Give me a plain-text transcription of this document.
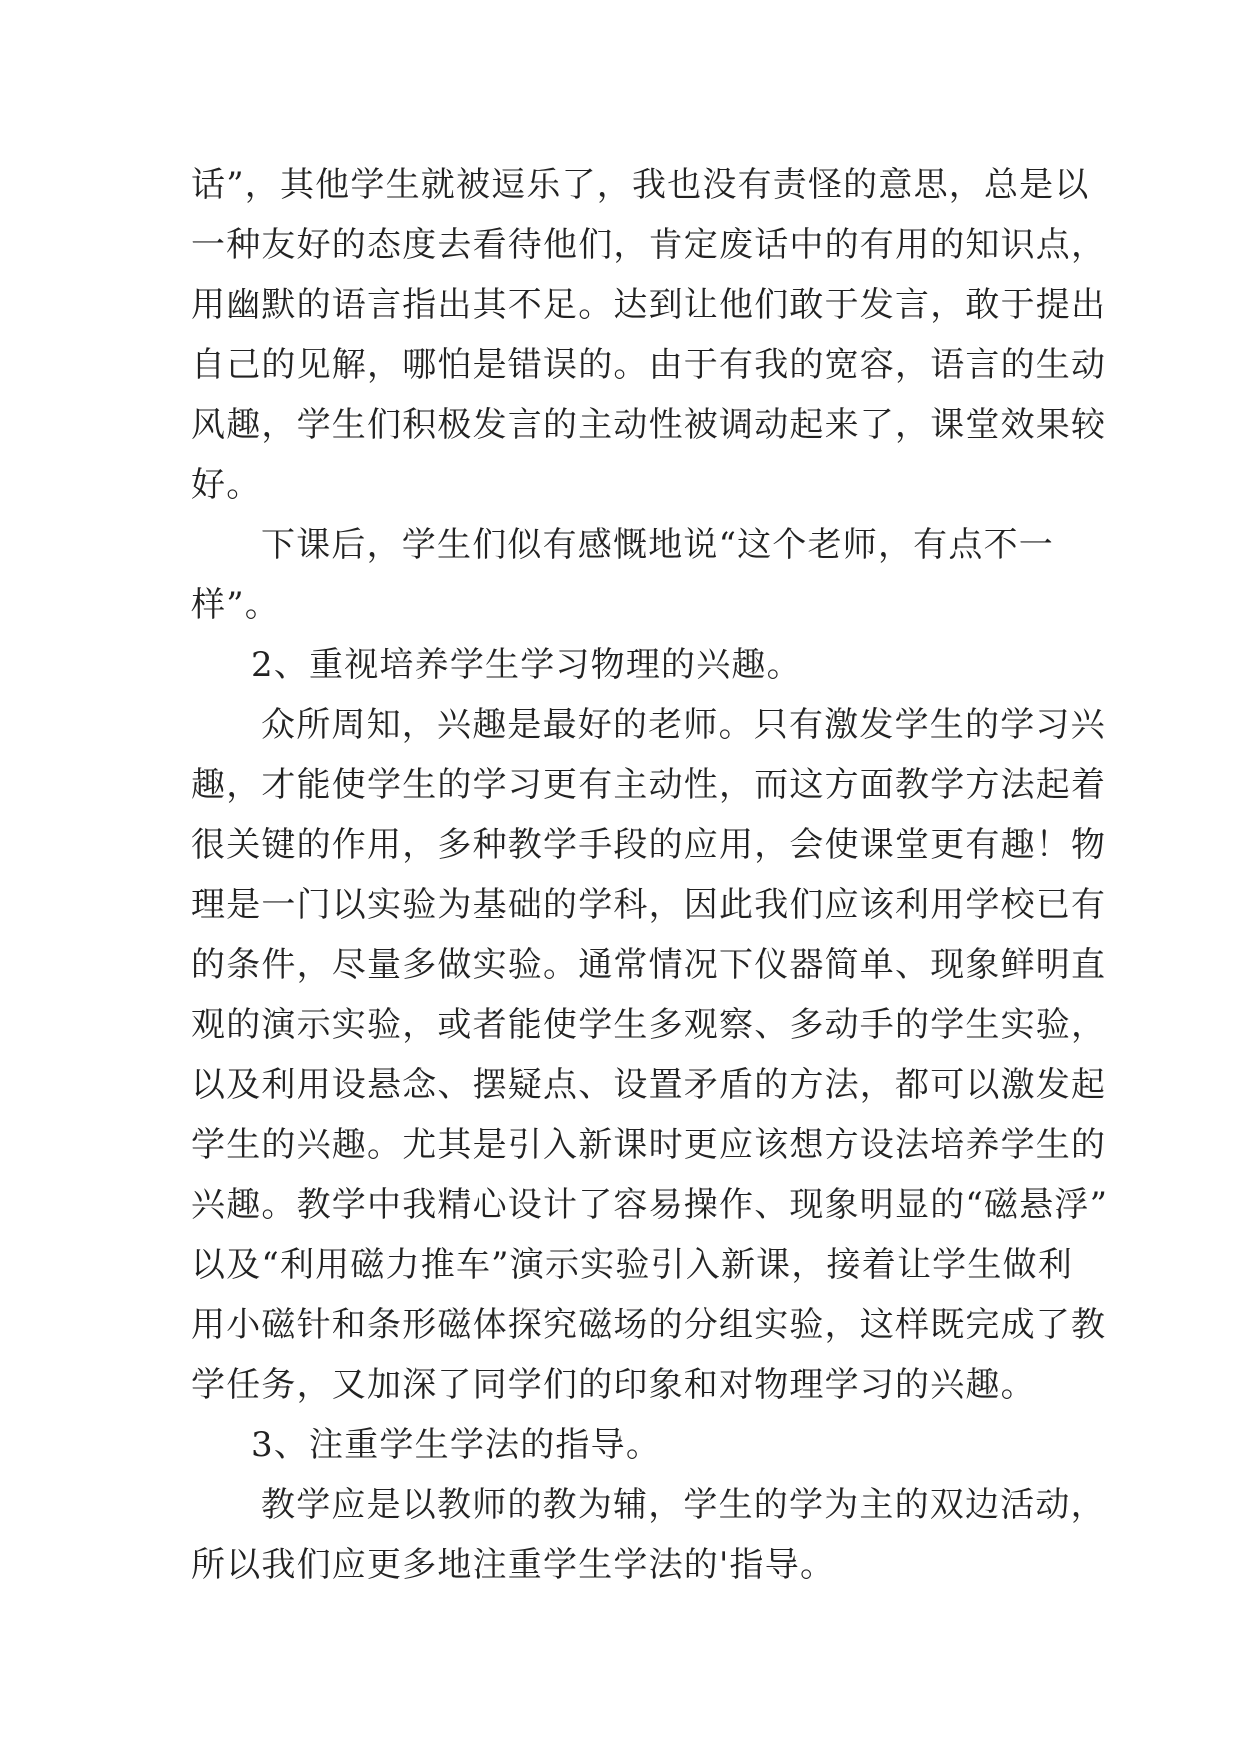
话”，其他学生就被逗乐了，我也没有责怪的意思，总是以
一种友好的态度去看待他们，肯定废话中的有用的知识点，
用幽默的语言指出其不足。达到让他们敢于发言，敢于提出
自己的见解，哪怕是错误的。由于有我的宽容，语言的生动
风趣，学生们积极发言的主动性被调动起来了，课堂效果较
好。
下课后，学生们似有感慨地说“这个老师，有点不一
样”。
2、重视培养学生学习物理的兴趣。
众所周知，兴趣是最好的老师。只有激发学生的学习兴
趣，才能使学生的学习更有主动性，而这方面教学方法起着
很关键的作用，多种教学手段的应用，会使课堂更有趣！物
理是一门以实验为基础的学科，因此我们应该利用学校已有
的条件，尽量多做实验。通常情况下仪器简单、现象鲜明直
观的演示实验，或者能使学生多观察、多动手的学生实验，
以及利用设悬念、摆疑点、设置矛盾的方法，都可以激发起
学生的兴趣。尤其是引入新课时更应该想方设法培养学生的
兴趣。教学中我精心设计了容易操作、现象明显的“磁悬浮”
以及“利用磁力推车”演示实验引入新课，接着让学生做利
用小磁针和条形磁体探究磁场的分组实验，这样既完成了教
学任务，又加深了同学们的印象和对物理学习的兴趣。
3、注重学生学法的指导。
教学应是以教师的教为辅，学生的学为主的双边活动，
所以我们应更多地注重学生学法的'指导。
